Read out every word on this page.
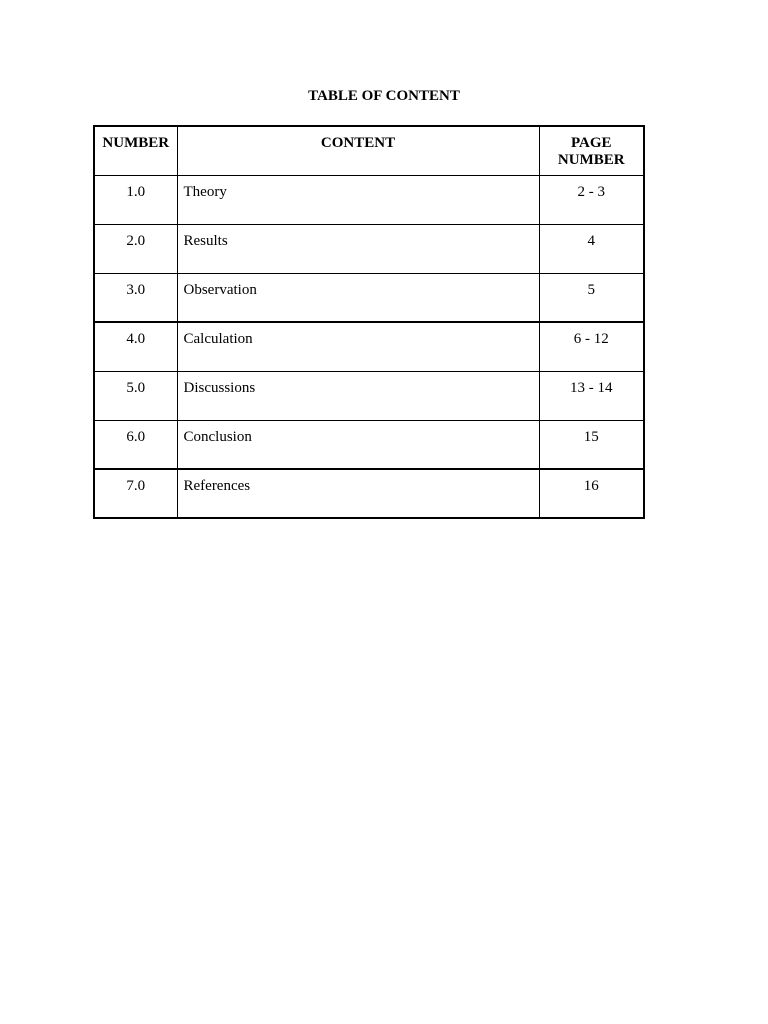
TABLE OF CONTENT
NUMBER	CONTENT	PAGE
NUMBER

1.0	Theory	2 - 3
2.0	Results	4
3.0	Observation	5
4.0	Calculation	6 - 12
5.0	Discussions	13 - 14
6.0	Conclusion	15
7.0	References	16
